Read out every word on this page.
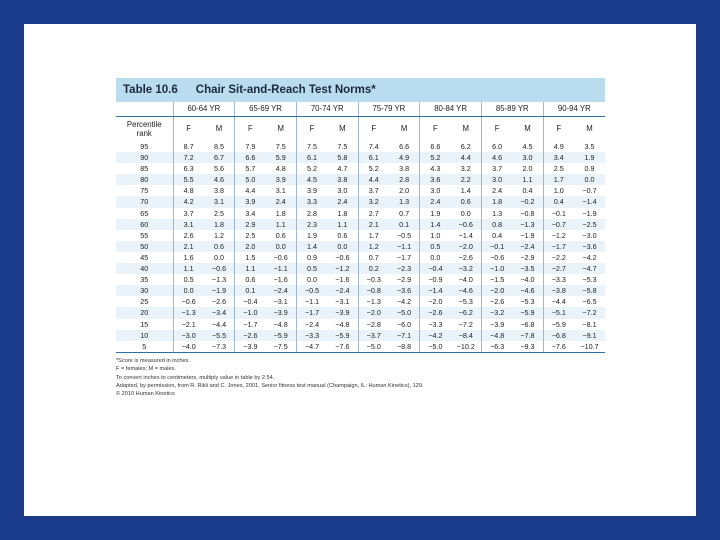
Table 10.6 Chair Sit-and-Reach Test Norms*
	60-64 YR		65-69 YR		70-74 YR		75-79 YR		80-84 YR		85-89 YR		90-94 YR	
Percentile
rank	F	M	F	M	F	M	F	M	F	M	F	M	F	M
95	8.7	8.5	7.9	7.5	7.5	7.5	7.4	6.6	6.6	6.2	6.0	4.5	4.9	3.5
90	7.2	6.7	6.6	5.9	6.1	5.8	6.1	4.9	5.2	4.4	4.6	3.0	3.4	1.9
85	6.3	5.6	5.7	4.8	5.2	4.7	5.2	3.8	4.3	3.2	3.7	2.0	2.5	0.9
80	5.5	4.6	5.0	3.9	4.5	3.8	4.4	2.8	3.6	2.2	3.0	1.1	1.7	0.0
75	4.8	3.8	4.4	3.1	3.9	3.0	3.7	2.0	3.0	1.4	2.4	0.4	1.0	−0.7
70	4.2	3.1	3.9	2.4	3.3	2.4	3.2	1.3	2.4	0.6	1.8	−0.2	0.4	−1.4
65	3.7	2.5	3.4	1.8	2.8	1.8	2.7	0.7	1.9	0.0	1.3	−0.8	−0.1	−1.9
60	3.1	1.8	2.9	1.1	2.3	1.1	2.1	0.1	1.4	−0.6	0.8	−1.3	−0.7	−2.5
55	2.6	1.2	2.5	0.6	1.9	0.6	1.7	−0.5	1.0	−1.4	0.4	−1.9	−1.2	−3.0
50	2.1	0.6	2.0	0.0	1.4	0.0	1.2	−1.1	0.5	−2.0	−0.1	−2.4	−1.7	−3.6
45	1.6	0.0	1.5	−0.6	0.9	−0.6	0.7	−1.7	0.0	−2.6	−0.6	−2.9	−2.2	−4.2
40	1.1	−0.6	1.1	−1.1	0.5	−1.2	0.2	−2.3	−0.4	−3.2	−1.0	−3.5	−2.7	−4.7
35	0.5	−1.3	0.6	−1.6	0.0	−1.6	−0.3	−2.9	−0.9	−4.0	−1.5	−4.0	−3.3	−5.3
30	0.0	−1.9	0.1	−2.4	−0.5	−2.4	−0.8	−3.6	−1.4	−4.6	−2.0	−4.6	−3.8	−5.8
25	−0.6	−2.6	−0.4	−3.1	−1.1	−3.1	−1.3	−4.2	−2.0	−5.3	−2.6	−5.3	−4.4	−6.5
20	−1.3	−3.4	−1.0	−3.9	−1.7	−3.9	−2.0	−5.0	−2.6	−6.2	−3.2	−5.9	−5.1	−7.2
15	−2.1	−4.4	−1.7	−4.8	−2.4	−4.8	−2.8	−6.0	−3.3	−7.2	−3.9	−6.8	−5.9	−8.1
10	−3.0	−5.5	−2.6	−5.9	−3.3	−5.9	−3.7	−7.1	−4.2	−8.4	−4.8	−7.8	−6.8	−9.1
5	−4.0	−7.3	−3.9	−7.5	−4.7	−7.6	−5.0	−8.8	−5.0	−10.2	−6.3	−9.3	−7.6	−10.7
*Score is measured in inches.
F = females; M = males.
To convert inches to centimeters, multiply value in table by 2.54.
Adapted, by permission, from R. Rikli and C. Jones, 2001, Senior fitness test manual (Champaign, IL: Human Kinetics), 129.
© 2010 Human Kinetics
